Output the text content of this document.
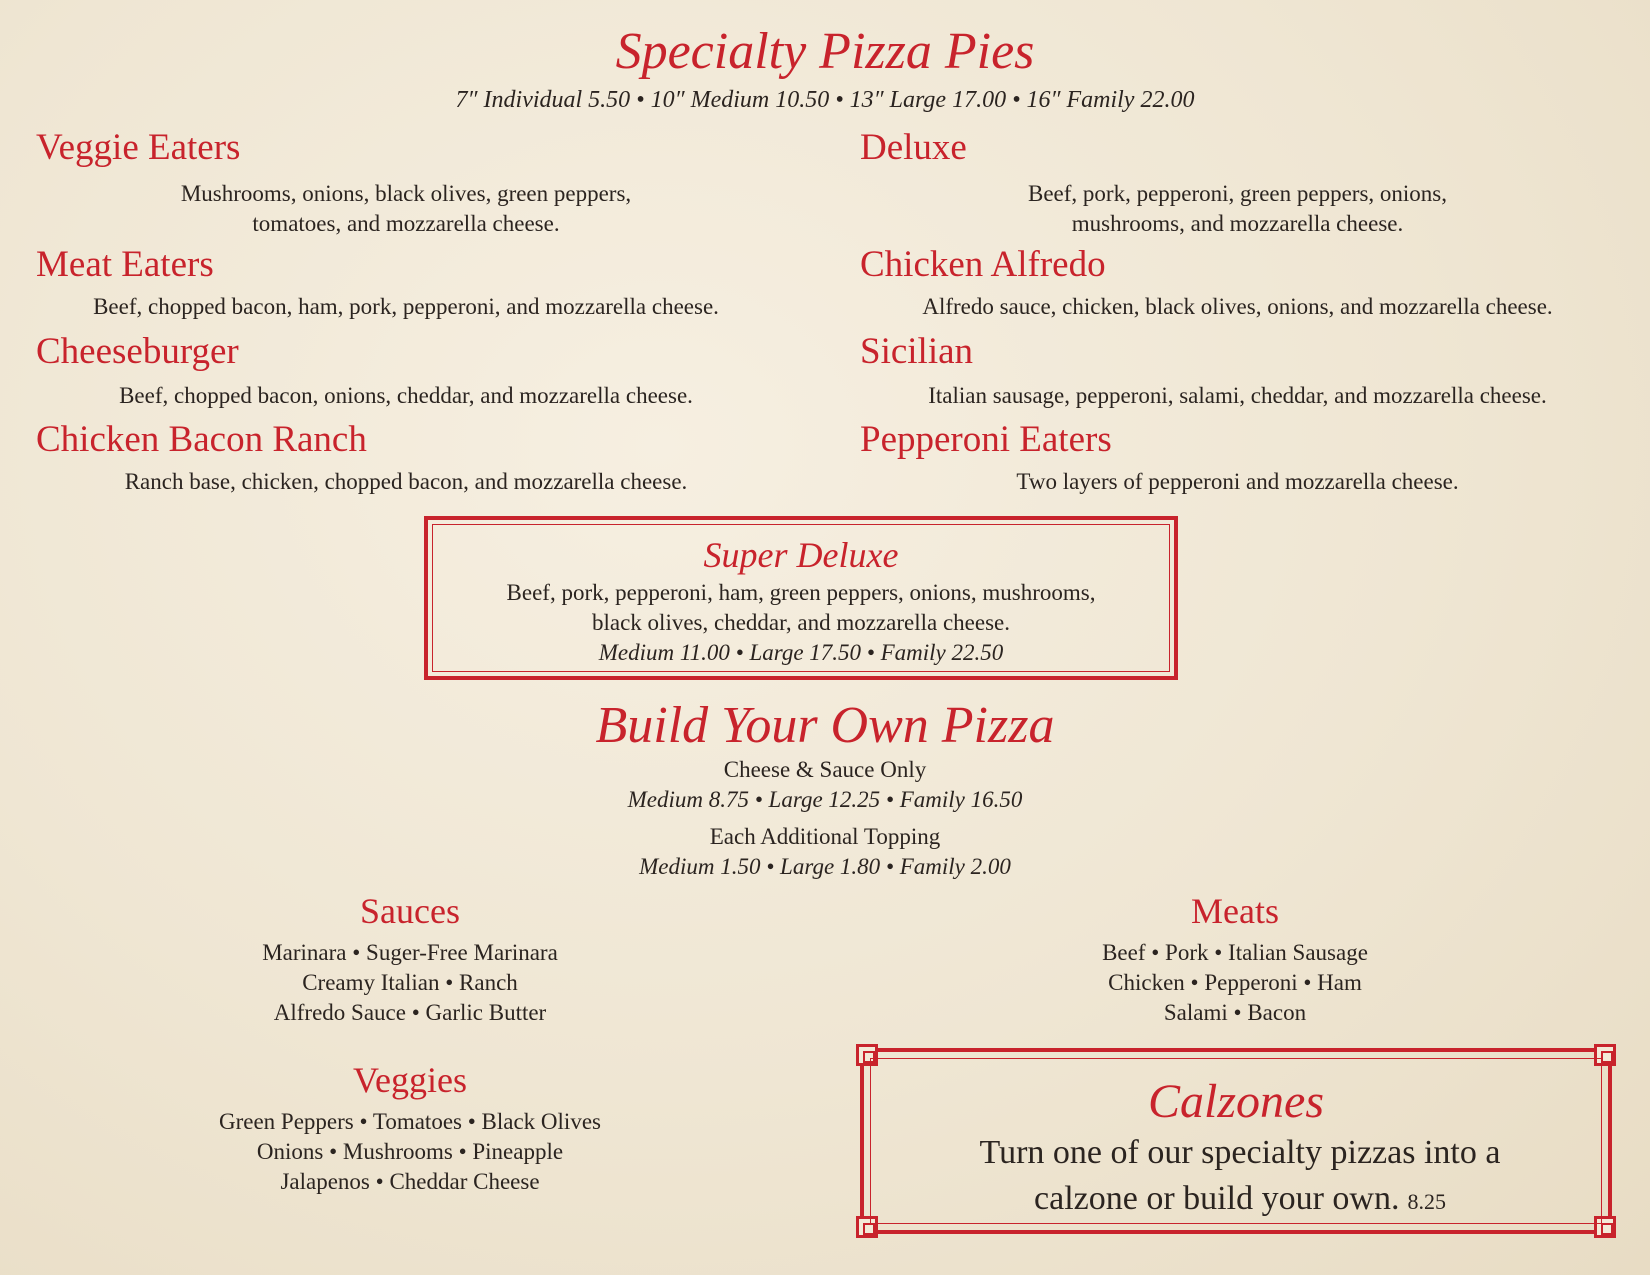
Specialty Pizza Pies
7″ Individual 5.50 • 10″ Medium 10.50 • 13″ Large 17.00 • 16″ Family 22.00
Veggie Eaters
Mushrooms, onions, black olives, green peppers,
tomatoes, and mozzarella cheese.
Meat Eaters
Beef, chopped bacon, ham, pork, pepperoni, and mozzarella cheese.
Cheeseburger
Beef, chopped bacon, onions, cheddar, and mozzarella cheese.
Chicken Bacon Ranch
Ranch base, chicken, chopped bacon, and mozzarella cheese.
Deluxe
Beef, pork, pepperoni, green peppers, onions,
mushrooms, and mozzarella cheese.
Chicken Alfredo
Alfredo sauce, chicken, black olives, onions, and mozzarella cheese.
Sicilian
Italian sausage, pepperoni, salami, cheddar, and mozzarella cheese.
Pepperoni Eaters
Two layers of pepperoni and mozzarella cheese.
Super Deluxe
Beef, pork, pepperoni, ham, green peppers, onions, mushrooms,
black olives, cheddar, and mozzarella cheese.
Medium 11.00 • Large 17.50 • Family 22.50
Build Your Own Pizza
Cheese & Sauce Only
Medium 8.75 • Large 12.25 • Family 16.50
Each Additional Topping
Medium 1.50 • Large 1.80 • Family 2.00
Sauces
Marinara • Suger-Free Marinara
Creamy Italian • Ranch
Alfredo Sauce • Garlic Butter
Meats
Beef • Pork • Italian Sausage
Chicken • Pepperoni • Ham
Salami • Bacon
Veggies
Green Peppers • Tomatoes • Black Olives
Onions • Mushrooms • Pineapple
Jalapenos • Cheddar Cheese
Calzones
Turn one of our specialty pizzas into a
calzone or build your own. 8.25
